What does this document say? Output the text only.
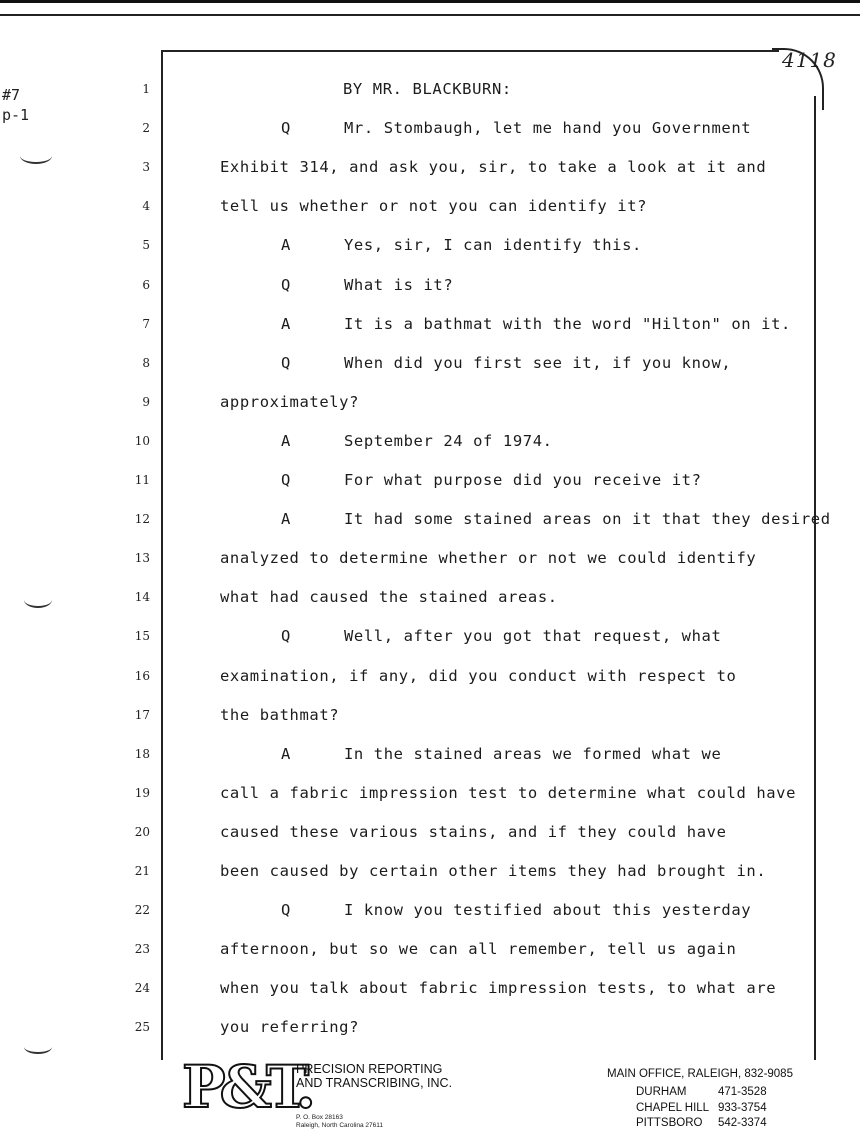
#7
p-1
4118
1	BY MR. BLACKBURN:
2	Q	Mr. Stombaugh, let me hand you Government
3	Exhibit 314, and ask you, sir, to take a look at it and
4	tell us whether or not you can identify it?
5	A	Yes, sir, I can identify this.
6	Q	What is it?
7	A	It is a bathmat with the word "Hilton" on it.
8	Q	When did you first see it, if you know,
9	approximately?
10	A	September 24 of 1974.
11	Q	For what purpose did you receive it?
12	A	It had some stained areas on it that they desired
13	analyzed to determine whether or not we could identify
14	what had caused the stained areas.
15	Q	Well, after you got that request, what
16	examination, if any, did you conduct with respect to
17	the bathmat?
18	A	In the stained areas we formed what we
19	call a fabric impression test to determine what could have
20	caused these various stains, and if they could have
21	been caused by certain other items they had brought in.
22	Q	I know you testified about this yesterday
23	afternoon, but so we can all remember, tell us again
24	when you talk about fabric impression tests, to what are
25	you referring?
P&T.
PRECISION REPORTING
AND TRANSCRIBING, INC.
P. O. Box 28163
Raleigh, North Carolina 27611
MAIN OFFICE, RALEIGH, 832-9085
DURHAM	471-3528
CHAPEL HILL 933-3754
PITTSBORO 542-3374
